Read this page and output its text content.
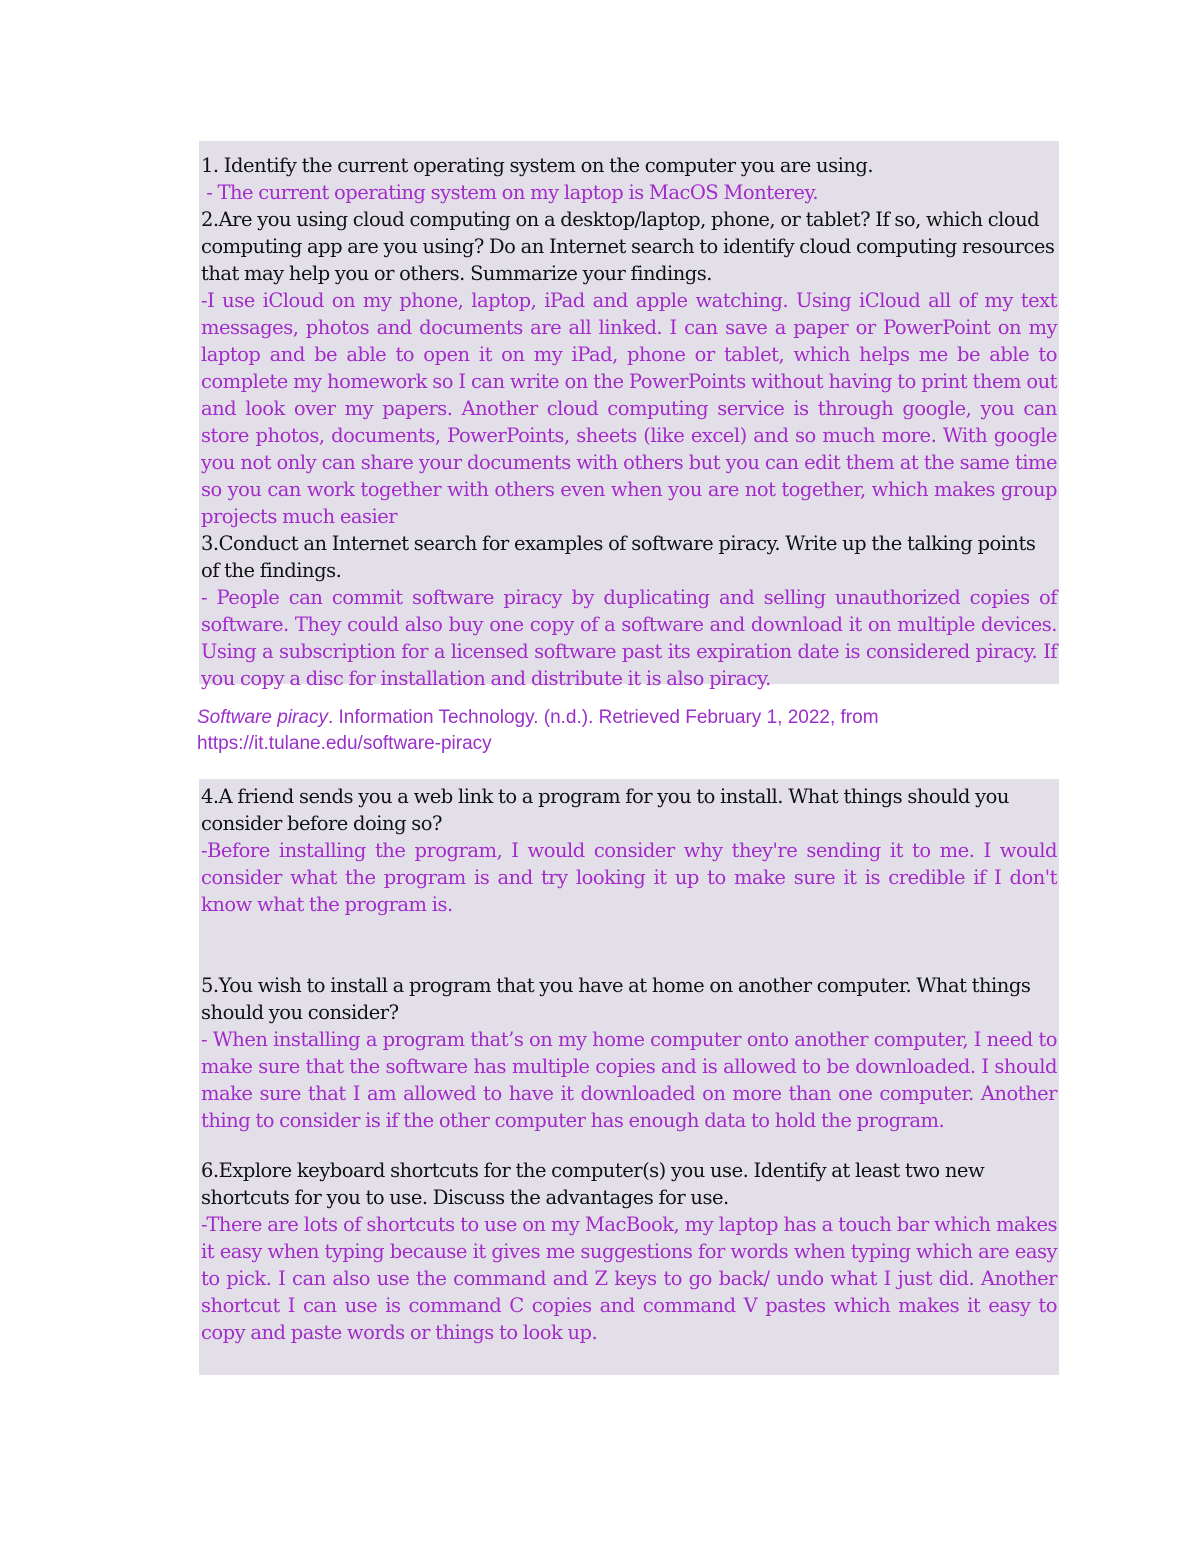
1. Identify the current operating system on the computer you are using.

- The current operating system on my laptop is MacOS Monterey.

2.Are you using cloud computing on a desktop/laptop, phone, or tablet? If so, which cloud computing app are you using? Do an Internet search to identify cloud computing resources that may help you or others. Summarize your findings.

-I use iCloud on my phone, laptop, iPad and apple watching. Using iCloud all of my text messages, photos and documents are all linked. I can save a paper or PowerPoint on my laptop and be able to open it on my iPad, phone or tablet, which helps me be able to complete my homework so I can write on the PowerPoints without having to print them out and look over my papers. Another cloud computing service is through google, you can store photos, documents, PowerPoints, sheets (like excel) and so much more. With google you not only can share your documents with others but you can edit them at the same time so you can work together with others even when you are not together, which makes group projects much easier

3.Conduct an Internet search for examples of software piracy. Write up the talking points of the findings.

- People can commit software piracy by duplicating and selling unauthorized copies of software. They could also buy one copy of a software and download it on multiple devices. Using a subscription for a licensed software past its expiration date is considered piracy. If you copy a disc for installation and distribute it is also piracy.

Software piracy. Information Technology. (n.d.). Retrieved February 1, 2022, from https://it.tulane.edu/software-piracy

4.A friend sends you a web link to a program for you to install. What things should you consider before doing so?

-Before installing the program, I would consider why they're sending it to me. I would consider what the program is and try looking it up to make sure it is credible if I don't know what the program is.

5.You wish to install a program that you have at home on another computer. What things should you consider?

- When installing a program that’s on my home computer onto another computer, I need to make sure that the software has multiple copies and is allowed to be downloaded. I should make sure that I am allowed to have it downloaded on more than one computer. Another thing to consider is if the other computer has enough data to hold the program.

6.Explore keyboard shortcuts for the computer(s) you use. Identify at least two new shortcuts for you to use. Discuss the advantages for use.

-There are lots of shortcuts to use on my MacBook, my laptop has a touch bar which makes it easy when typing because it gives me suggestions for words when typing which are easy to pick. I can also use the command and Z keys to go back/ undo what I just did. Another shortcut I can use is command C copies and command V pastes which makes it easy to copy and paste words or things to look up.
